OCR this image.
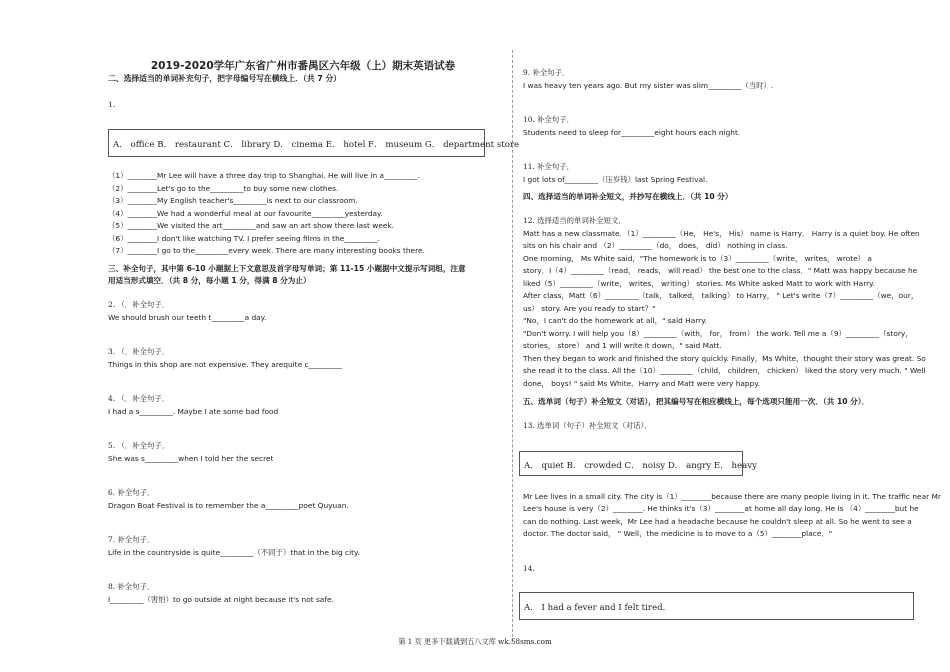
2019-2020学年广东省广州市番禺区六年级（上）期末英语试卷
二、选择适当的单词补充句子，把字母编号写在横线上．（共 7 分）
1.
A． office B． restaurant C． library D． cinema E． hotel F． museum G． department store
（1）________Mr Lee will have a three day trip to Shanghai. He will live in a_________.
（2）________Let's go to the_________to buy some new clothes.
（3）________My English teacher's_________is next to our classroom.
（4）________We had a wonderful meal at our favourite_________yesterday.
（5）________We visited the art_________and saw an art show there last week.
（6）________I don't like watching TV. I prefer seeing films in the_________.
（7）________I go to the_________every week. There are many interesting books there.
三、补全句子，其中第 6-10 小题据上下文意思及首字母写单词；第 11-15 小题据中文提示写词组，注意
用适当形式填空．（共 8 分，每小题 1 分，得满 8 分为止）
2. （．补全句子．
We should brush our teeth t_________a day.
3. （．补全句子．
Things in this shop are not expensive. They arequite c_________
4. （．补全句子．
I had a s_________. Maybe I ate some bad food
5. （．补全句子．
She was s_________when I told her the secret
6. 补全句子．
Dragon Boat Festival is to remember the a_________poet Quyuan.
7. 补全句子．
Life in the countryside is quite_________（不同于）that in the big city.
8. 补全句子．
I_________（害怕）to go outside at night because it's not safe.
9. 补全句子．
I was heavy ten years ago. But my sister was slim_________（当时）.
10. 补全句子．
Students need to sleep for_________eight hours each night.
11. 补全句子．
I got lots of_________（压岁钱）last Spring Festival.
四、选择适当的单词补全短文，并抄写在横线上．（共 10 分）
12. 选择适当的单词补全短文．
Matt has a new classmate．（1）_________（He， He's， His） name is Harry． Harry is a quiet boy. He often
sits on his chair and （2）_________（do， does， did） nothing in class.
One morning， Ms White said，"The homework is to（3）_________（write， writes， wrote） a
story．I（4）_________（read， reads， will read） the best one to the class．" Matt was happy because he
liked（5）_________（write， writes， writing） stories. Ms White asked Matt to work with Harry.
After class，Matt（6）_________（talk， talked， talking） to Harry， " Let's write（7）_________（we，our，
us） story. Are you ready to start？"
"No，I can't do the homework at all，" said Harry.
"Don't worry. I will help you（8）_________（with， for， from） the work. Tell me a（9）_________（story，
stories， store） and 1 will write it down，" said Matt.
Then they began to work and finished the story quickly. Finally，Ms White，thought their story was great. So
she read it to the class. All the（10）_________（child， children， chicken） liked the story very much. " Well
done， boys! " said Ms White．Harry and Matt were very happy.
五、选单词（句子）补全短文（对话），把其编号写在相应横线上，每个选项只能用一次．（共 10 分）．
13. 选单词（句子）补全短文（对话）．
A． quiet B． crowded C． noisy D． angry E． heavy
Mr Lee lives in a small city. The city is（1）________because there are many people living in it. The traffic near Mr
Lee's house is very（2）________. He thinks it's（3）________at home all day long. He is （4）________but he
can do nothing. Last week，Mr Lee had a headache because he couldn't sleep at all. So he went to see a
doctor. The doctor said， " Well，the medicine is to move to a（5）________place．"
14.
A． I had a fever and I felt tired．
第 1 页 更多下载请到五八文库 wk.58sms.com
